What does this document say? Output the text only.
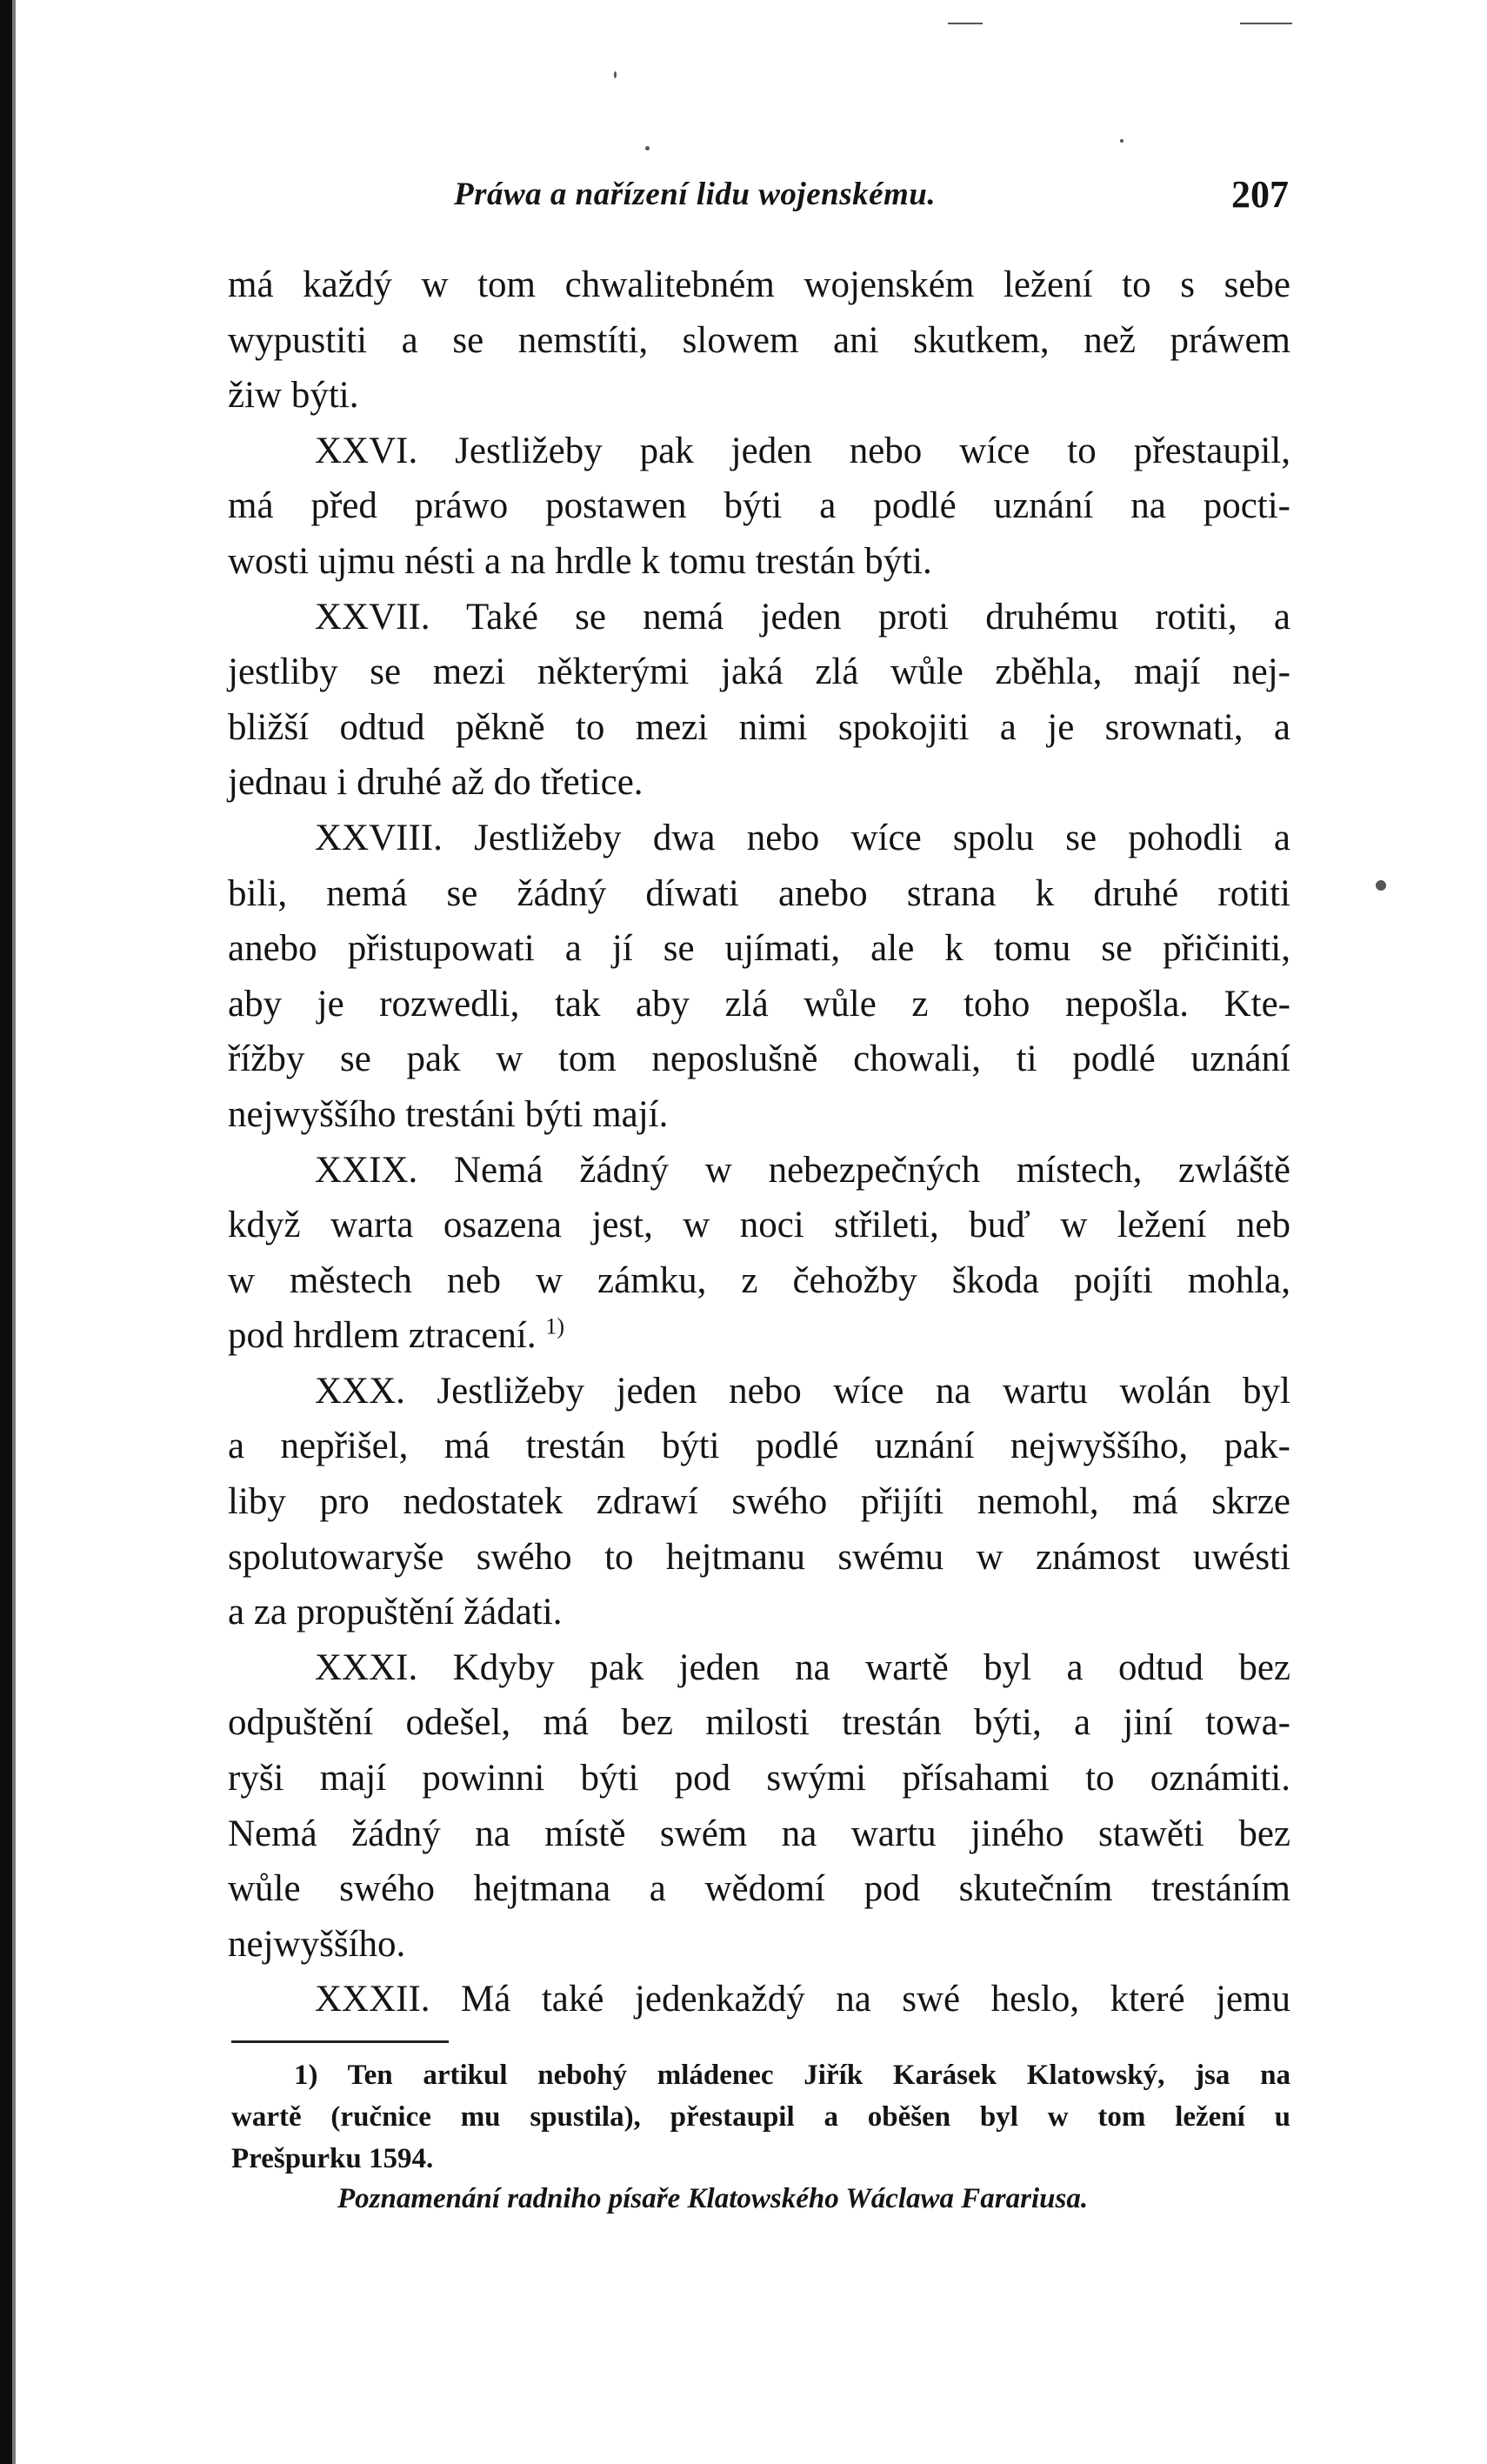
Práwa a nařízení lidu wojenskému.	207
má každý w tom chwalitebném wojenském ležení to s sebe
wypustiti a se nemstíti, slowem ani skutkem, než práwem
žiw býti.
XXVI. Jestližeby pak jeden nebo wíce to přestaupil,
má před práwo postawen býti a podlé uznání na pocti-
wosti ujmu nésti a na hrdle k tomu trestán býti.
XXVII. Také se nemá jeden proti druhému rotiti, a
jestliby se mezi některými jaká zlá wůle zběhla, mají nej-
bližší odtud pěkně to mezi nimi spokojiti a je srownati, a
jednau i druhé až do třetice.
XXVIII. Jestližeby dwa nebo wíce spolu se pohodli a
bili, nemá se žádný díwati anebo strana k druhé rotiti
anebo přistupowati a jí se ujímati, ale k tomu se přičiniti,
aby je rozwedli, tak aby zlá wůle z toho nepošla. Kte-
řížby se pak w tom neposlušně chowali, ti podlé uznání
nejwyššího trestáni býti mají.
XXIX. Nemá žádný w nebezpečných místech, zwláště
když warta osazena jest, w noci střileti, buď w ležení neb
w městech neb w zámku, z čehožby škoda pojíti mohla,
pod hrdlem ztracení. $^{1)}$
XXX. Jestližeby jeden nebo wíce na wartu wolán byl
a nepřišel, má trestán býti podlé uznání nejwyššího, pak-
liby pro nedostatek zdrawí swého přijíti nemohl, má skrze
spolutowaryše swého to hejtmanu swému w známost uwésti
a za propuštění žádati.
XXXI. Kdyby pak jeden na wartě byl a odtud bez
odpuštění odešel, má bez milosti trestán býti, a jiní towa-
ryši mají powinni býti pod swými přísahami to oznámiti.
Nemá žádný na místě swém na wartu jiného stawěti bez
wůle swého hejtmana a wědomí pod skutečním trestáním
nejwyššího.
XXXII. Má také jedenkaždý na swé heslo, které jemu
1) Ten artikul nebohý mládenec Jiřík Karásek Klatowský, jsa na
wartě (ručnice mu spustila), přestaupil a oběšen byl w tom ležení u
Prešpurku 1594.
Poznamenání radniho písaře Klatowského Wáclawa Farariusa.
